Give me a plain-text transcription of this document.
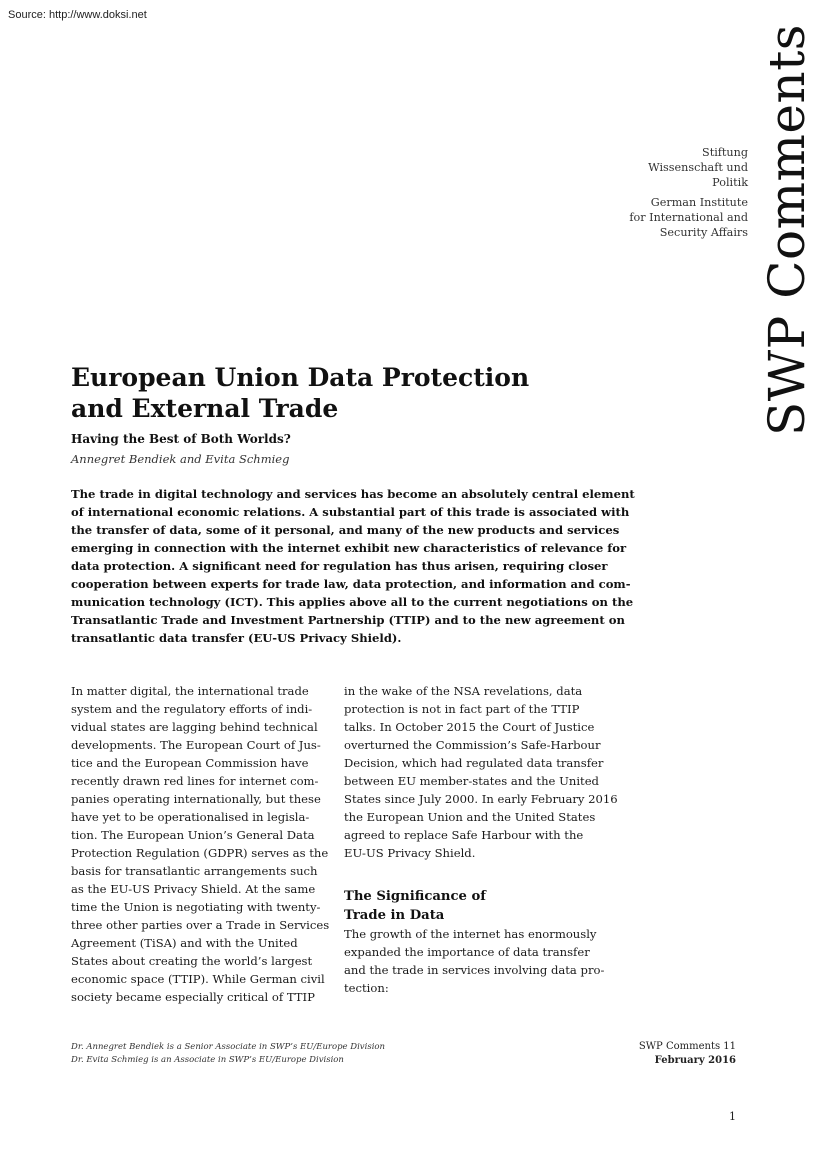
Source: http://www.doksi.net
SWP Comments
Stiftung
Wissenschaft und
Politik
German Institute
for International and
Security Affairs
European Union Data Protection
and External Trade
Having the Best of Both Worlds?
Annegret Bendiek and Evita Schmieg
The trade in digital technology and services has become an absolutely central element
of international economic relations. A substantial part of this trade is associated with
the transfer of data, some of it personal, and many of the new products and services
emerging in connection with the internet exhibit new characteristics of relevance for
data protection. A significant need for regulation has thus arisen, requiring closer
cooperation between experts for trade law, data protection, and information and com-
munication technology (ICT). This applies above all to the current negotiations on the
Transatlantic Trade and Investment Partnership (TTIP) and to the new agreement on
transatlantic data transfer (EU-US Privacy Shield).
In matter digital, the international trade
system and the regulatory efforts of indi-
vidual states are lagging behind technical
developments. The European Court of Jus-
tice and the European Commission have
recently drawn red lines for internet com-
panies operating internationally, but these
have yet to be operationalised in legisla-
tion. The European Union’s General Data
Protection Regulation (GDPR) serves as the
basis for transatlantic arrangements such
as the EU-US Privacy Shield. At the same
time the Union is negotiating with twenty-
three other parties over a Trade in Services
Agreement (TiSA) and with the United
States about creating the world’s largest
economic space (TTIP). While German civil
society became especially critical of TTIP
in the wake of the NSA revelations, data
protection is not in fact part of the TTIP
talks. In October 2015 the Court of Justice
overturned the Commission’s Safe-Harbour
Decision, which had regulated data transfer
between EU member-states and the United
States since July 2000. In early February 2016
the European Union and the United States
agreed to replace Safe Harbour with the
EU-US Privacy Shield.
The Significance of
Trade in Data
The growth of the internet has enormously
expanded the importance of data transfer
and the trade in services involving data pro-
tection:
Dr. Annegret Bendiek is a Senior Associate in SWP’s EU/Europe Division
Dr. Evita Schmieg is an Associate in SWP’s EU/Europe Division
SWP Comments 11
February 2016
1
